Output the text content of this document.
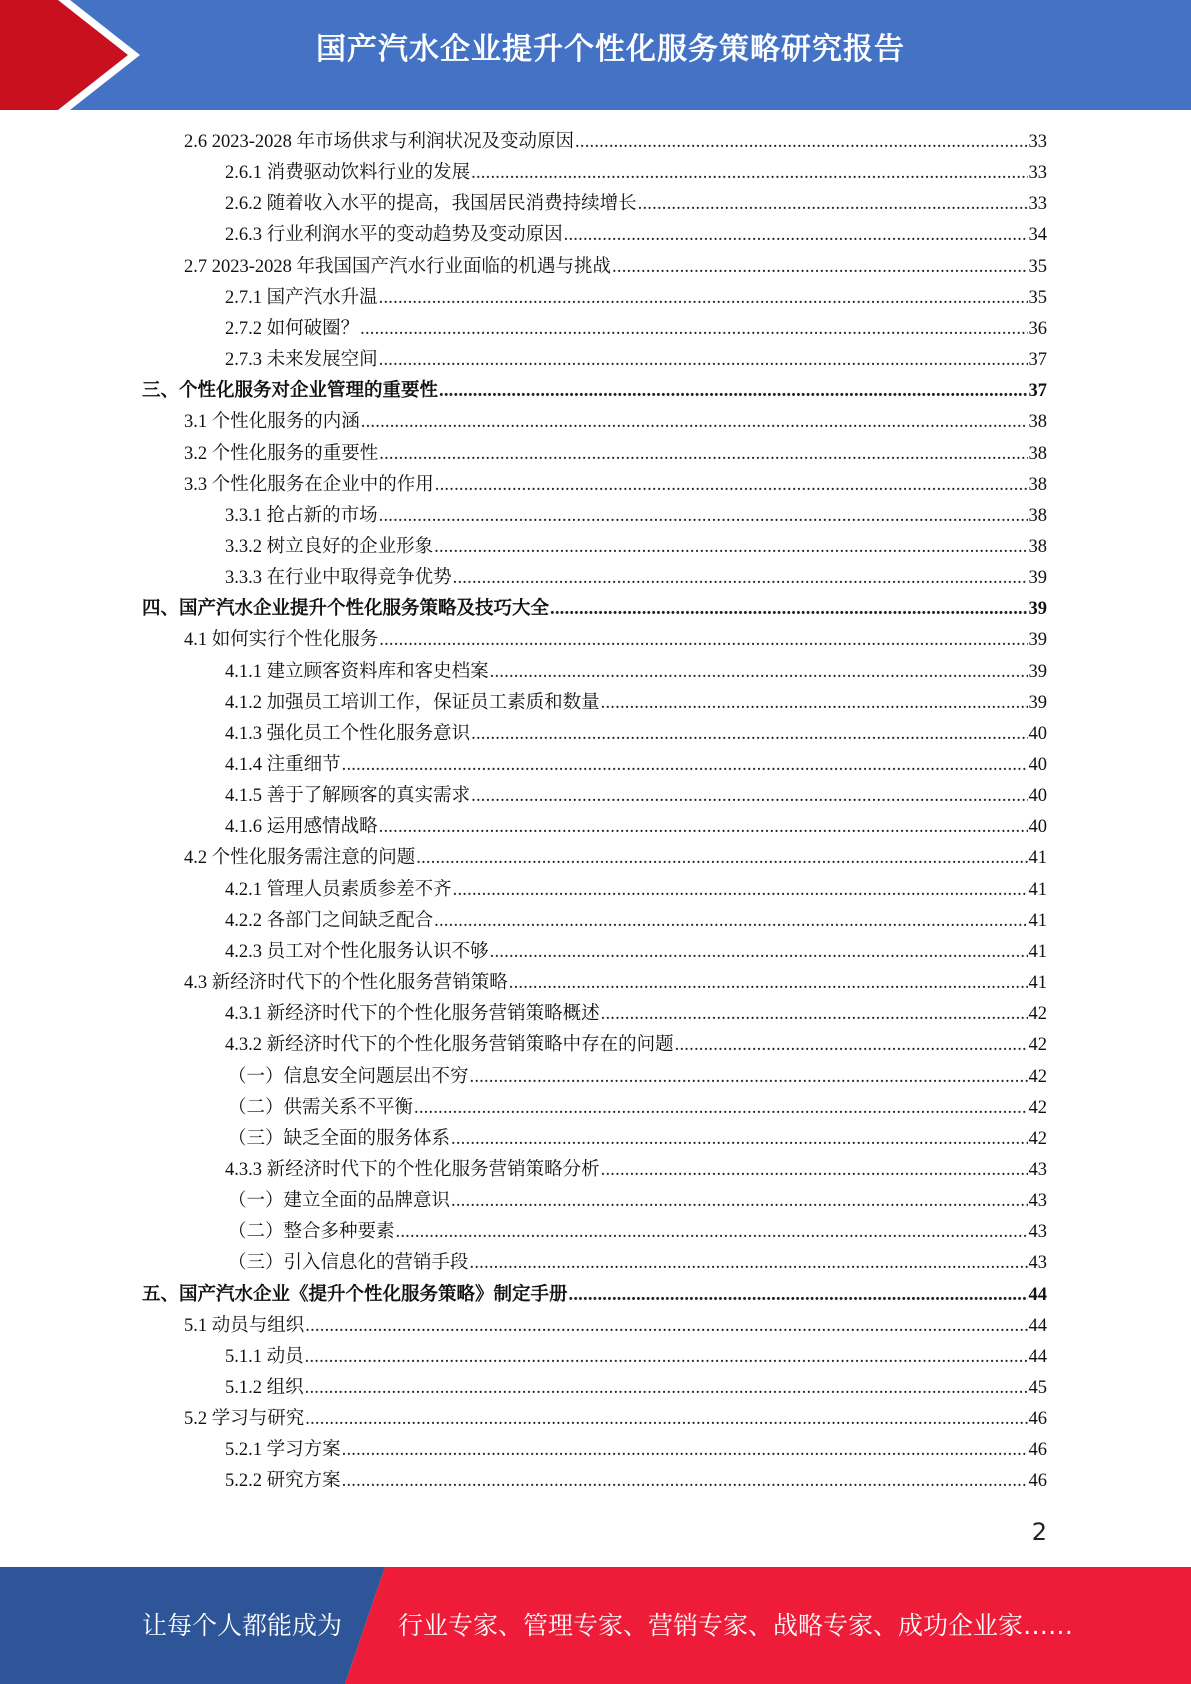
国产汽水企业提升个性化服务策略研究报告
2.6 2023-2028 年市场供求与利润状况及变动原因 .....	33
2.6.1 消费驱动饮料行业的发展 .....	33
2.6.2 随着收入水平的提高，我国居民消费持续增长 .....	33
2.6.3 行业利润水平的变动趋势及变动原因 .....	34
2.7 2023-2028 年我国国产汽水行业面临的机遇与挑战 .....	35
2.7.1 国产汽水升温 .....	35
2.7.2 如何破圈？ .....	36
2.7.3 未来发展空间 .....	37
三、个性化服务对企业管理的重要性 .....	37
3.1 个性化服务的内涵 .....	38
3.2 个性化服务的重要性 .....	38
3.3 个性化服务在企业中的作用 .....	38
3.3.1 抢占新的市场 .....	38
3.3.2 树立良好的企业形象 .....	38
3.3.3 在行业中取得竞争优势 .....	39
四、国产汽水企业提升个性化服务策略及技巧大全 .....	39
4.1 如何实行个性化服务 .....	39
4.1.1 建立顾客资料库和客史档案 .....	39
4.1.2 加强员工培训工作，保证员工素质和数量 .....	39
4.1.3 强化员工个性化服务意识 .....	40
4.1.4 注重细节 .....	40
4.1.5 善于了解顾客的真实需求 .....	40
4.1.6 运用感情战略 .....	40
4.2 个性化服务需注意的问题 .....	41
4.2.1 管理人员素质参差不齐 .....	41
4.2.2 各部门之间缺乏配合 .....	41
4.2.3 员工对个性化服务认识不够 .....	41
4.3 新经济时代下的个性化服务营销策略 .....	41
4.3.1 新经济时代下的个性化服务营销策略概述 .....	42
4.3.2 新经济时代下的个性化服务营销策略中存在的问题 .....	42
（一）信息安全问题层出不穷 .....	42
（二）供需关系不平衡 .....	42
（三）缺乏全面的服务体系 .....	42
4.3.3 新经济时代下的个性化服务营销策略分析 .....	43
（一）建立全面的品牌意识 .....	43
（二）整合多种要素 .....	43
（三）引入信息化的营销手段 .....	43
五、国产汽水企业《提升个性化服务策略》制定手册 .....	44
5.1 动员与组织 .....	44
5.1.1 动员 .....	44
5.1.2 组织 .....	45
5.2 学习与研究 .....	46
5.2.1 学习方案 .....	46
5.2.2 研究方案 .....	46
2
让每个人都能成为 行业专家、管理专家、营销专家、战略专家、成功企业家……
